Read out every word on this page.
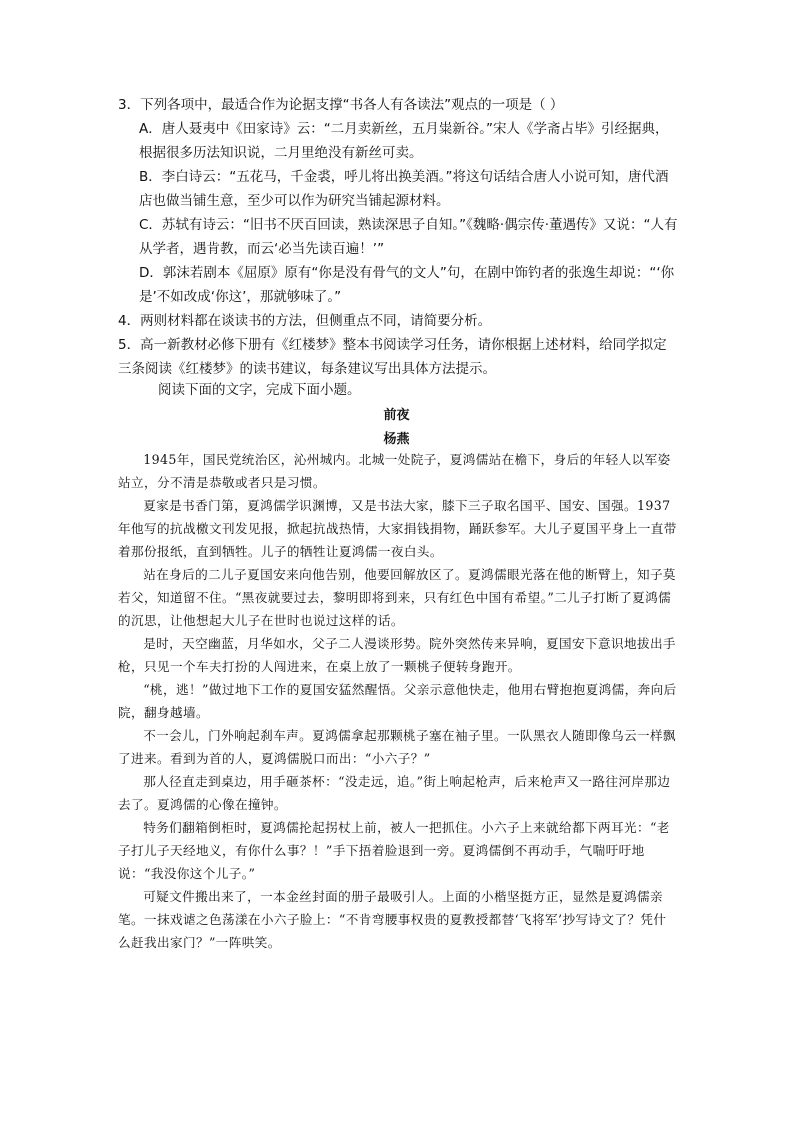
3．下列各项中，最适合作为论据支撑“书各人有各读法”观点的一项是（ ）

A．唐人聂夷中《田家诗》云：“二月卖新丝，五月粜新谷。”宋人《学斋占毕》引经据典，根据很多历法知识说，二月里绝没有新丝可卖。

B．李白诗云：“五花马，千金裘，呼儿将出换美酒。”将这句话结合唐人小说可知，唐代酒店也做当铺生意，至少可以作为研究当铺起源材料。

C．苏轼有诗云：“旧书不厌百回读，熟读深思子自知。”《魏略·偶宗传·董遇传》又说：“人有从学者，遇肯教，而云‘必当先读百遍！’”

D．郭沫若剧本《屈原》原有“你是没有骨气的文人”句，在剧中饰钓者的张逸生却说：“‘你是’不如改成‘你这’，那就够味了。”

4．两则材料都在谈读书的方法，但侧重点不同，请简要分析。

5．高一新教材必修下册有《红楼梦》整本书阅读学习任务，请你根据上述材料，给同学拟定三条阅读《红楼梦》的读书建议，每条建议写出具体方法提示。

阅读下面的文字，完成下面小题。

前夜

杨燕

1945年，国民党统治区，沁州城内。北城一处院子，夏鸿儒站在檐下，身后的年轻人以军姿站立，分不清是恭敬或者只是习惯。

夏家是书香门第，夏鸿儒学识渊博，又是书法大家，膝下三子取名国平、国安、国强。1937年他写的抗战檄文刊发见报，掀起抗战热情，大家捐钱捐物，踊跃参军。大儿子夏国平身上一直带着那份报纸，直到牺牲。儿子的牺牲让夏鸿儒一夜白头。

站在身后的二儿子夏国安来向他告别，他要回解放区了。夏鸿儒眼光落在他的断臂上，知子莫若父，知道留不住。“黑夜就要过去，黎明即将到来，只有红色中国有希望。”二儿子打断了夏鸿儒的沉思，让他想起大儿子在世时也说过这样的话。

是时，天空幽蓝，月华如水，父子二人漫谈形势。院外突然传来异响，夏国安下意识地拔出手枪，只见一个车夫打扮的人闯进来，在桌上放了一颗桃子便转身跑开。

“桃，逃！”做过地下工作的夏国安猛然醒悟。父亲示意他快走，他用右臂抱抱夏鸿儒，奔向后院，翻身越墙。

不一会儿，门外响起刹车声。夏鸿儒拿起那颗桃子塞在袖子里。一队黑衣人随即像乌云一样飘了进来。看到为首的人，夏鸿儒脱口而出：“小六子？”

那人径直走到桌边，用手砸茶杯：“没走远，追。”街上响起枪声，后来枪声又一路往河岸那边去了。夏鸿儒的心像在撞钟。

特务们翻箱倒柜时，夏鸿儒抡起拐杖上前，被人一把抓住。小六子上来就给都下两耳光：“老子打儿子天经地义，有你什么事？！”手下捂着脸退到一旁。夏鸿儒倒不再动手，气喘吁吁地说：“我没你这个儿子。”

可疑文件搬出来了，一本金丝封面的册子最吸引人。上面的小楷坚挺方正，显然是夏鸿儒亲笔。一抹戏谑之色荡漾在小六子脸上：“不肯弯腰事权贵的夏教授都替‘飞将军’抄写诗文了？凭什么赶我出家门？”一阵哄笑。
